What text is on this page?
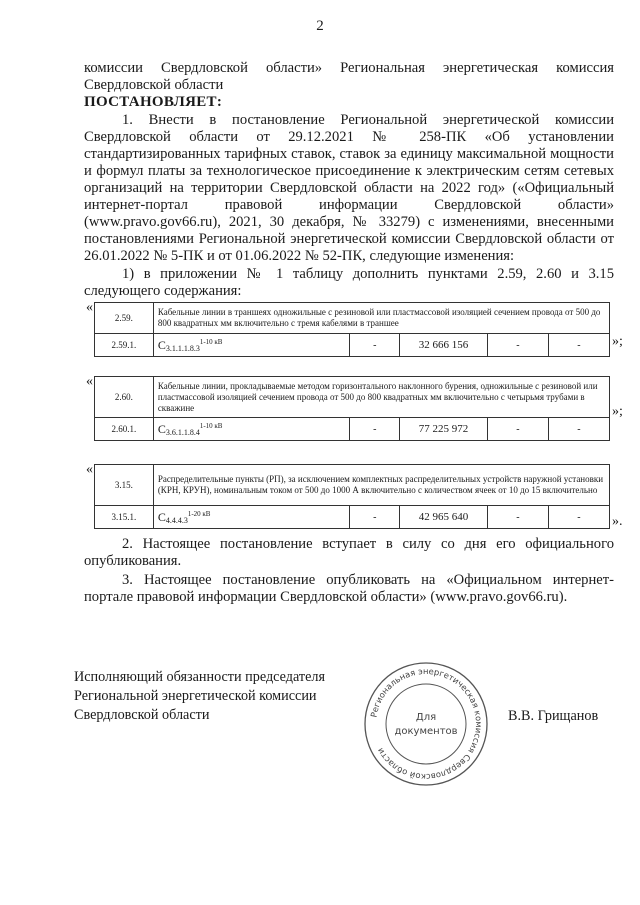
2
комиссии Свердловской области» Региональная энергетическая комиссия
Свердловской области
ПОСТАНОВЛЯЕТ:
1. Внести в постановление Региональной энергетической комиссии Свердловской области от 29.12.2021 № 258-ПК «Об установлении стандартизированных тарифных ставок, ставок за единицу максимальной мощности и формул платы за технологическое присоединение к электрическим сетям сетевых организаций на территории Свердловской области на 2022 год» («Официальный интернет-портал правовой информации Свердловской области» (www.pravo.gov66.ru), 2021, 30 декабря, № 33279) с изменениями, внесенными постановлениями Региональной энергетической комиссии Свердловской области от 26.01.2022 № 5-ПК и от 01.06.2022 № 52-ПК, следующие изменения:
1) в приложении № 1 таблицу дополнить пунктами 2.59, 2.60 и 3.15 следующего содержания:
«
2.59.	Кабельные линии в траншеях одножильные с резиновой или пластмассовой изоляцией сечением провода от 500 до 800 квадратных мм включительно с тремя кабелями в траншее				
2.59.1.	$С_{3.1.1.1.8.3}^{1-10 кВ}$	-	32 666 156	-	- »;
«
2.60.	Кабельные линии, прокладываемые методом горизонтального наклонного бурения, одножильные с резиновой или пластмассовой изоляцией сечением провода от 500 до 800 квадратных мм включительно с четырьмя трубами в скважине				
2.60.1.	$С_{3.6.1.1.8.4}^{1-10 кВ}$	-	77 225 972	-	-
»;
«
3.15.	Распределительные пункты (РП), за исключением комплектных распределительных устройств наружной установки (КРН, КРУН), номинальным током от 500 до 1000 А включительно с количеством ячеек от 10 до 15 включительно				
3.15.1.	$С_{4.4.4.3}^{1-20 кВ}$	-	42 965 640	-	- ».
2. Настоящее постановление вступает в силу со дня его официального опубликования.
3. Настоящее постановление опубликовать на «Официальном интернет-портале правовой информации Свердловской области» (www.pravo.gov66.ru).
Исполняющий обязанности председателя
Региональной энергетической комиссии
Свердловской области	Региональная энергетическая комиссия Свердловской области
Для
документов
В.В. Грищанов
